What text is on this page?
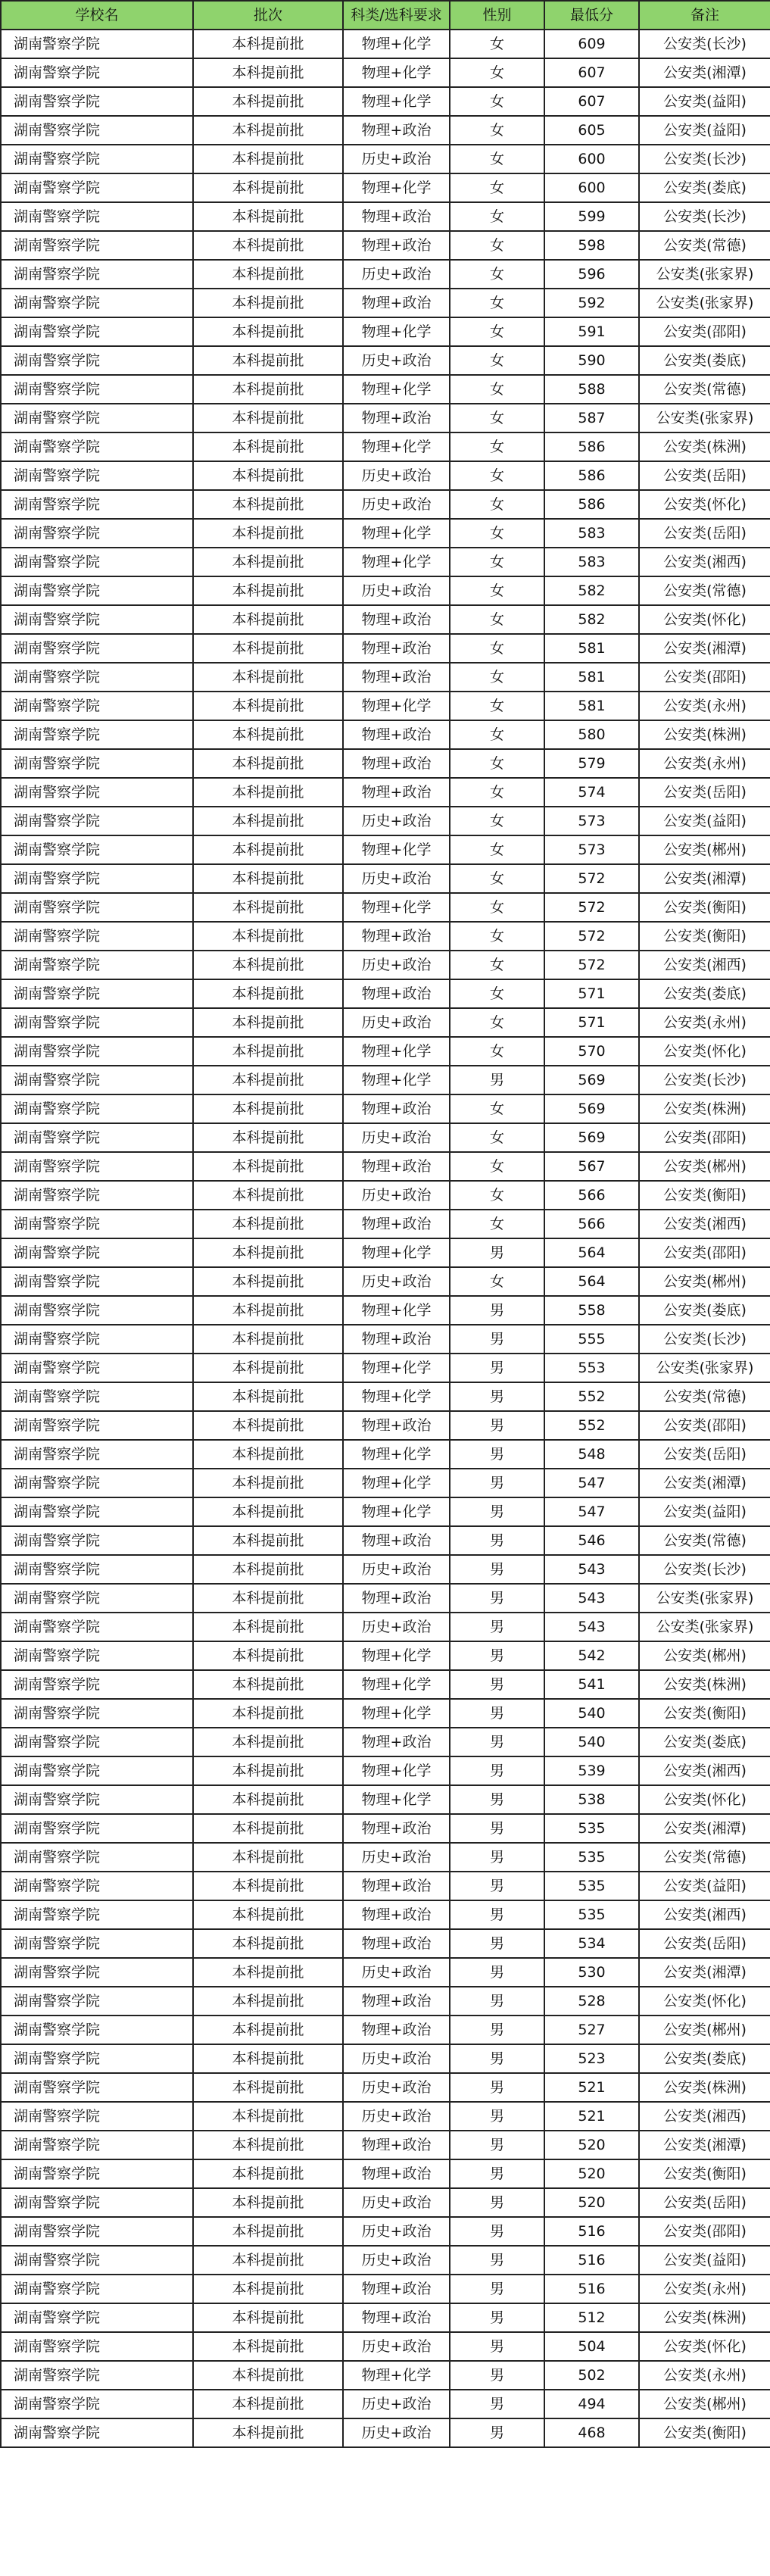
学校名	批次	科类/选科要求	性别	最低分	备注
湖南警察学院	本科提前批	物理+化学	女	609	公安类(长沙)
湖南警察学院	本科提前批	物理+化学	女	607	公安类(湘潭)
湖南警察学院	本科提前批	物理+化学	女	607	公安类(益阳)
湖南警察学院	本科提前批	物理+政治	女	605	公安类(益阳)
湖南警察学院	本科提前批	历史+政治	女	600	公安类(长沙)
湖南警察学院	本科提前批	物理+化学	女	600	公安类(娄底)
湖南警察学院	本科提前批	物理+政治	女	599	公安类(长沙)
湖南警察学院	本科提前批	物理+政治	女	598	公安类(常德)
湖南警察学院	本科提前批	历史+政治	女	596	公安类(张家界)
湖南警察学院	本科提前批	物理+政治	女	592	公安类(张家界)
湖南警察学院	本科提前批	物理+化学	女	591	公安类(邵阳)
湖南警察学院	本科提前批	历史+政治	女	590	公安类(娄底)
湖南警察学院	本科提前批	物理+化学	女	588	公安类(常德)
湖南警察学院	本科提前批	物理+政治	女	587	公安类(张家界)
湖南警察学院	本科提前批	物理+化学	女	586	公安类(株洲)
湖南警察学院	本科提前批	历史+政治	女	586	公安类(岳阳)
湖南警察学院	本科提前批	历史+政治	女	586	公安类(怀化)
湖南警察学院	本科提前批	物理+化学	女	583	公安类(岳阳)
湖南警察学院	本科提前批	物理+化学	女	583	公安类(湘西)
湖南警察学院	本科提前批	历史+政治	女	582	公安类(常德)
湖南警察学院	本科提前批	物理+政治	女	582	公安类(怀化)
湖南警察学院	本科提前批	物理+政治	女	581	公安类(湘潭)
湖南警察学院	本科提前批	物理+政治	女	581	公安类(邵阳)
湖南警察学院	本科提前批	物理+化学	女	581	公安类(永州)
湖南警察学院	本科提前批	物理+政治	女	580	公安类(株洲)
湖南警察学院	本科提前批	物理+政治	女	579	公安类(永州)
湖南警察学院	本科提前批	物理+政治	女	574	公安类(岳阳)
湖南警察学院	本科提前批	历史+政治	女	573	公安类(益阳)
湖南警察学院	本科提前批	物理+化学	女	573	公安类(郴州)
湖南警察学院	本科提前批	历史+政治	女	572	公安类(湘潭)
湖南警察学院	本科提前批	物理+化学	女	572	公安类(衡阳)
湖南警察学院	本科提前批	物理+政治	女	572	公安类(衡阳)
湖南警察学院	本科提前批	历史+政治	女	572	公安类(湘西)
湖南警察学院	本科提前批	物理+政治	女	571	公安类(娄底)
湖南警察学院	本科提前批	历史+政治	女	571	公安类(永州)
湖南警察学院	本科提前批	物理+化学	女	570	公安类(怀化)
湖南警察学院	本科提前批	物理+化学	男	569	公安类(长沙)
湖南警察学院	本科提前批	物理+政治	女	569	公安类(株洲)
湖南警察学院	本科提前批	历史+政治	女	569	公安类(邵阳)
湖南警察学院	本科提前批	物理+政治	女	567	公安类(郴州)
湖南警察学院	本科提前批	历史+政治	女	566	公安类(衡阳)
湖南警察学院	本科提前批	物理+政治	女	566	公安类(湘西)
湖南警察学院	本科提前批	物理+化学	男	564	公安类(邵阳)
湖南警察学院	本科提前批	历史+政治	女	564	公安类(郴州)
湖南警察学院	本科提前批	物理+化学	男	558	公安类(娄底)
湖南警察学院	本科提前批	物理+政治	男	555	公安类(长沙)
湖南警察学院	本科提前批	物理+化学	男	553	公安类(张家界)
湖南警察学院	本科提前批	物理+化学	男	552	公安类(常德)
湖南警察学院	本科提前批	物理+政治	男	552	公安类(邵阳)
湖南警察学院	本科提前批	物理+化学	男	548	公安类(岳阳)
湖南警察学院	本科提前批	物理+化学	男	547	公安类(湘潭)
湖南警察学院	本科提前批	物理+化学	男	547	公安类(益阳)
湖南警察学院	本科提前批	物理+政治	男	546	公安类(常德)
湖南警察学院	本科提前批	历史+政治	男	543	公安类(长沙)
湖南警察学院	本科提前批	物理+政治	男	543	公安类(张家界)
湖南警察学院	本科提前批	历史+政治	男	543	公安类(张家界)
湖南警察学院	本科提前批	物理+化学	男	542	公安类(郴州)
湖南警察学院	本科提前批	物理+化学	男	541	公安类(株洲)
湖南警察学院	本科提前批	物理+化学	男	540	公安类(衡阳)
湖南警察学院	本科提前批	物理+政治	男	540	公安类(娄底)
湖南警察学院	本科提前批	物理+化学	男	539	公安类(湘西)
湖南警察学院	本科提前批	物理+化学	男	538	公安类(怀化)
湖南警察学院	本科提前批	物理+政治	男	535	公安类(湘潭)
湖南警察学院	本科提前批	历史+政治	男	535	公安类(常德)
湖南警察学院	本科提前批	物理+政治	男	535	公安类(益阳)
湖南警察学院	本科提前批	物理+政治	男	535	公安类(湘西)
湖南警察学院	本科提前批	物理+政治	男	534	公安类(岳阳)
湖南警察学院	本科提前批	历史+政治	男	530	公安类(湘潭)
湖南警察学院	本科提前批	物理+政治	男	528	公安类(怀化)
湖南警察学院	本科提前批	物理+政治	男	527	公安类(郴州)
湖南警察学院	本科提前批	历史+政治	男	523	公安类(娄底)
湖南警察学院	本科提前批	历史+政治	男	521	公安类(株洲)
湖南警察学院	本科提前批	历史+政治	男	521	公安类(湘西)
湖南警察学院	本科提前批	物理+政治	男	520	公安类(湘潭)
湖南警察学院	本科提前批	物理+政治	男	520	公安类(衡阳)
湖南警察学院	本科提前批	历史+政治	男	520	公安类(岳阳)
湖南警察学院	本科提前批	历史+政治	男	516	公安类(邵阳)
湖南警察学院	本科提前批	历史+政治	男	516	公安类(益阳)
湖南警察学院	本科提前批	物理+政治	男	516	公安类(永州)
湖南警察学院	本科提前批	物理+政治	男	512	公安类(株洲)
湖南警察学院	本科提前批	历史+政治	男	504	公安类(怀化)
湖南警察学院	本科提前批	物理+化学	男	502	公安类(永州)
湖南警察学院	本科提前批	历史+政治	男	494	公安类(郴州)
湖南警察学院	本科提前批	历史+政治	男	468	公安类(衡阳)
